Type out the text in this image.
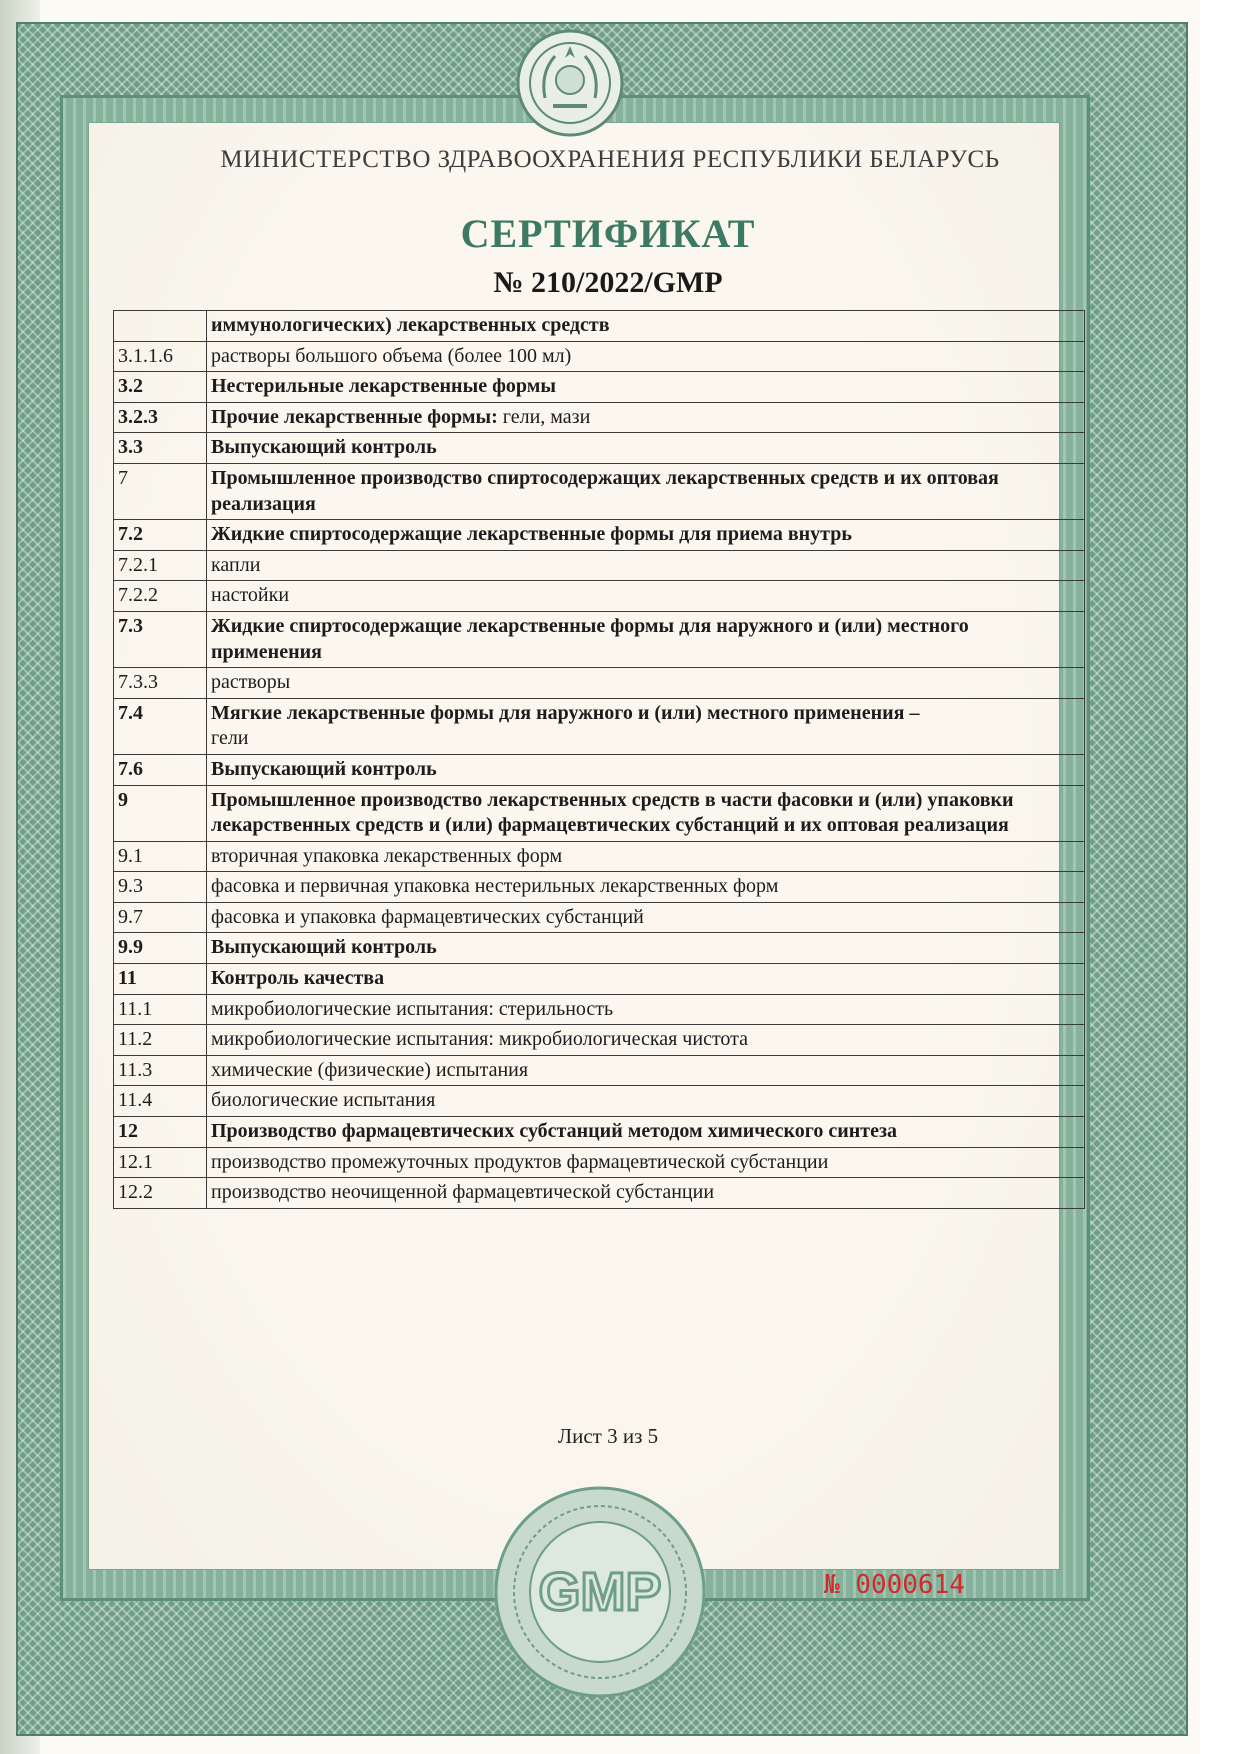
МИНИСТЕРСТВО ЗДРАВООХРАНЕНИЯ РЕСПУБЛИКИ БЕЛАРУСЬ
СЕРТИФИКАТ
№ 210/2022/GMP
	иммунологических) лекарственных средств
3.1.1.6	растворы большого объема (более 100 мл)
3.2	Нестерильные лекарственные формы
3.2.3	Прочие лекарственные формы: гели, мази
3.3	Выпускающий контроль
7	Промышленное производство спиртосодержащих лекарственных средств и их оптовая реализация
7.2	Жидкие спиртосодержащие лекарственные формы для приема внутрь
7.2.1	капли
7.2.2	настойки
7.3	Жидкие спиртосодержащие лекарственные формы для наружного и (или) местного применения
7.3.3	растворы
7.4	Мягкие лекарственные формы для наружного и (или) местного применения –
гели
7.6	Выпускающий контроль
9	Промышленное производство лекарственных средств в части фасовки и (или) упаковки лекарственных средств и (или) фармацевтических субстанций и их оптовая реализация
9.1	вторичная упаковка лекарственных форм
9.3	фасовка и первичная упаковка нестерильных лекарственных форм
9.7	фасовка и упаковка фармацевтических субстанций
9.9	Выпускающий контроль
11	Контроль качества
11.1	микробиологические испытания: стерильность
11.2	микробиологические испытания: микробиологическая чистота
11.3	химические (физические) испытания
11.4	биологические испытания
12	Производство фармацевтических субстанций методом химического синтеза
12.1	производство промежуточных продуктов фармацевтической субстанции
12.2	производство неочищенной фармацевтической субстанции
Лист 3 из 5
GMP	№ 0000614
